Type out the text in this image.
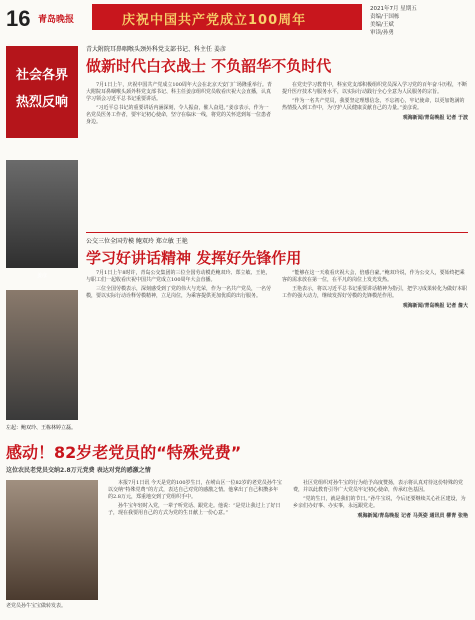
16 青岛晚报	庆祝中国共产党成立100周年
2021年7月 星期五
责编/于国栋
美编/王斌
审读/孙勇
社会各界
热烈反响
姜彦
左起：鲍双玲、王栋林婷立磊。
青大附院耳鼻咽喉头颈外科党支部书记、科主任 姜彦
做新时代白衣战士 不负韶华不负时代

7月1日上午，庆祝中国共产党成立100周年大会在北京天安门广场隆重举行。青大附院耳鼻咽喉头颈外科党支部书记、科主任姜彦组织党员收看庆祝大会直播，认真学习领会习近平总书记重要讲话。

“习近平总书记的重要讲话内涵深刻，令人振奋，催人奋进。”姜彦表示，作为一名党员医务工作者，要牢记初心使命，坚守在临床一线，将党的关怀送到每一位患者身边。

在党史学习教育中，科室党支部积极组织党员深入学习党的百年奋斗历程，不断提升医疗技术与服务水平，以实际行动践行全心全意为人民服务的宗旨。

“作为一名共产党员，我要坚定理想信念，不忘初心，牢记使命，以更加饱满的热情投入到工作中，为守护人民健康贡献自己的力量。”姜彦说。

观海新闻/青岛晚报 记者 于波
公交三位全国劳模 鲍双玲 郑立敏 王艳
学习好讲话精神 发挥好先锋作用

7月1日上午8时许，青岛公交集团的三位全国劳动模范鲍双玲、郑立敏、王艳，与职工们一起收看庆祝中国共产党成立100周年大会直播。

三位全国劳模表示，深刻感受到了党的伟大与光荣，作为一名共产党员，一名劳模，要以实际行动诠释劳模精神，立足岗位，为乘客提供更加优质的出行服务。

“能够在这一天收看庆祝大会，倍感自豪。”鲍双玲说，作为公交人，要始终把乘客的需求放在第一位，在平凡的岗位上发光发热。

王艳表示，将以习近平总书记重要讲话精神为指引，把学习成果转化为做好本职工作的强大动力，继续发挥好劳模的先锋模范作用。

观海新闻/青岛晚报 记者 詹大
感动！82岁老党员的“特殊党费”
这位农民老党员交纳2.8万元党费 表达对党的感激之情
老党员孙牛宝宝做转发表。

本报7月1日讯 今天是党的100岁生日，在崂山区一位82岁的老党员孙牛宝以交纳“特殊党费”的方式，表达自己对党的感激之情。他拿出了自己积攒多年的2.8万元，郑重地交到了党组织手中。

孙牛宝年轻时入党，一辈子听党话、跟党走。他说：“是党让我过上了好日子，现在我要用自己的方式为党的生日献上一份心意。”

社区党组织对孙牛宝的行为给予高度赞扬，表示将认真对待这份特殊的党费，并以此教育引导广大党员牢记初心使命，传承红色基因。

“党的生日，就是我们的节日。”孙牛宝说，今后还要继续关心社区建设，为乡亲们办好事、办实事，永远跟党走。

观海新闻/青岛晚报 记者 马英姿 通讯员 柳青 张艳
